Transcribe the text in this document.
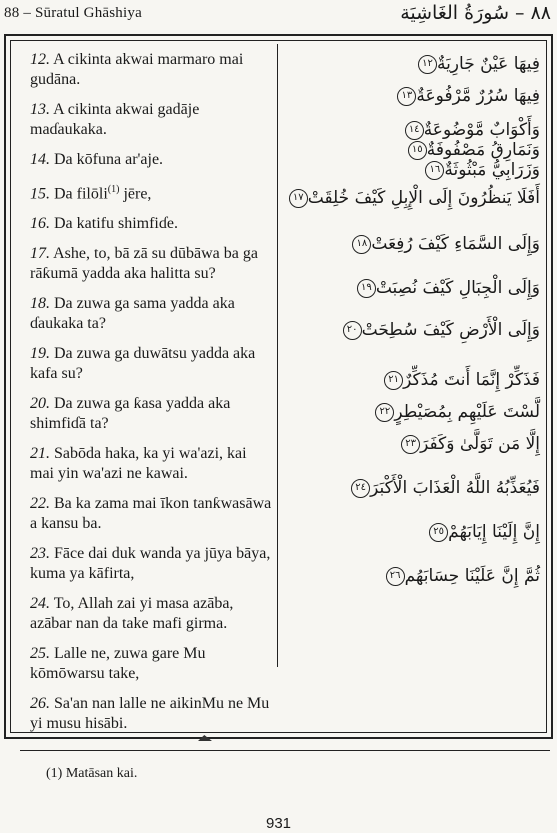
88 – Sūratul Ghāshiya	٨٨ – سُورَةُ الغَاشِيَة
12. A cikinta akwai marmaro mai gudāna.
13. A cikinta akwai gadāje maɗaukaka.
14. Da kōfuna ar'aje.
15. Da filōli$^{(1)}$ jēre,
16. Da katifu shimfiɗe.
17. Ashe, to, bā zā su dūbāwa ba ga rāƙumā yadda aka halitta su?
18. Da zuwa ga sama yadda aka ɗaukaka ta?
19. Da zuwa ga duwātsu yadda aka kafa su?
20. Da zuwa ga ƙasa yadda aka shimfiɗā ta?
21. Sabōda haka, ka yi wa'azi, kai mai yin wa'azi ne kawai.
22. Ba ka zama mai īkon tanƙwasāwa a kansu ba.
23. Fāce dai duk wanda ya jūya bāya, kuma ya kāfirta,
24. To, Allah zai yi masa azāba, azābar nan da take mafi girma.
25. Lalle ne, zuwa gare Mu kōmōwarsu take,
26. Sa'an nan lalle ne aikinMu ne Mu yi musu hisābi.
فِيهَا عَيْنٌ جَارِيَةٌ١٢
فِيهَا سُرُرٌ مَّرْفُوعَةٌ١٣
وَأَكْوَابٌ مَّوْضُوعَةٌ١٤
وَنَمَارِقُ مَصْفُوفَةٌ١٥
وَزَرَابِيُّ مَبْثُوثَةٌ١٦
أَفَلَا يَنظُرُونَ إِلَى الْإِبِلِ كَيْفَ خُلِقَتْ١٧
وَإِلَى السَّمَاءِ كَيْفَ رُفِعَتْ١٨
وَإِلَى الْجِبَالِ كَيْفَ نُصِبَتْ١٩
وَإِلَى الْأَرْضِ كَيْفَ سُطِحَتْ٢٠
فَذَكِّرْ إِنَّمَا أَنتَ مُذَكِّرٌ٢١
لَّسْتَ عَلَيْهِم بِمُصَيْطِرٍ٢٢
إِلَّا مَن تَوَلَّىٰ وَكَفَرَ٢٣
فَيُعَذِّبُهُ اللَّهُ الْعَذَابَ الْأَكْبَرَ٢٤
إِنَّ إِلَيْنَا إِيَابَهُمْ٢٥
ثُمَّ إِنَّ عَلَيْنَا حِسَابَهُم٢٦
(1) Matāsan kai.
931
